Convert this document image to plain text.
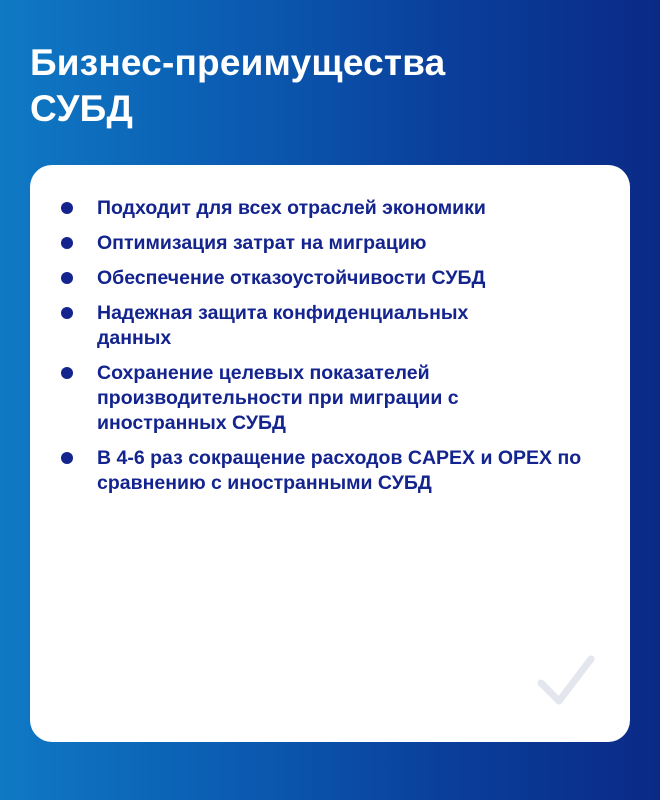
Бизнес-преимущества
СУБД
Подходит для всех отраслей экономики
Оптимизация затрат на миграцию
Обеспечение отказоустойчивости СУБД
Надежная защита конфиденциальных данных
Сохранение целевых показателей производительности при миграции с иностранных СУБД
В 4-6 раз сокращение расходов CAPEX и OPEX по сравнению с иностранными СУБД
